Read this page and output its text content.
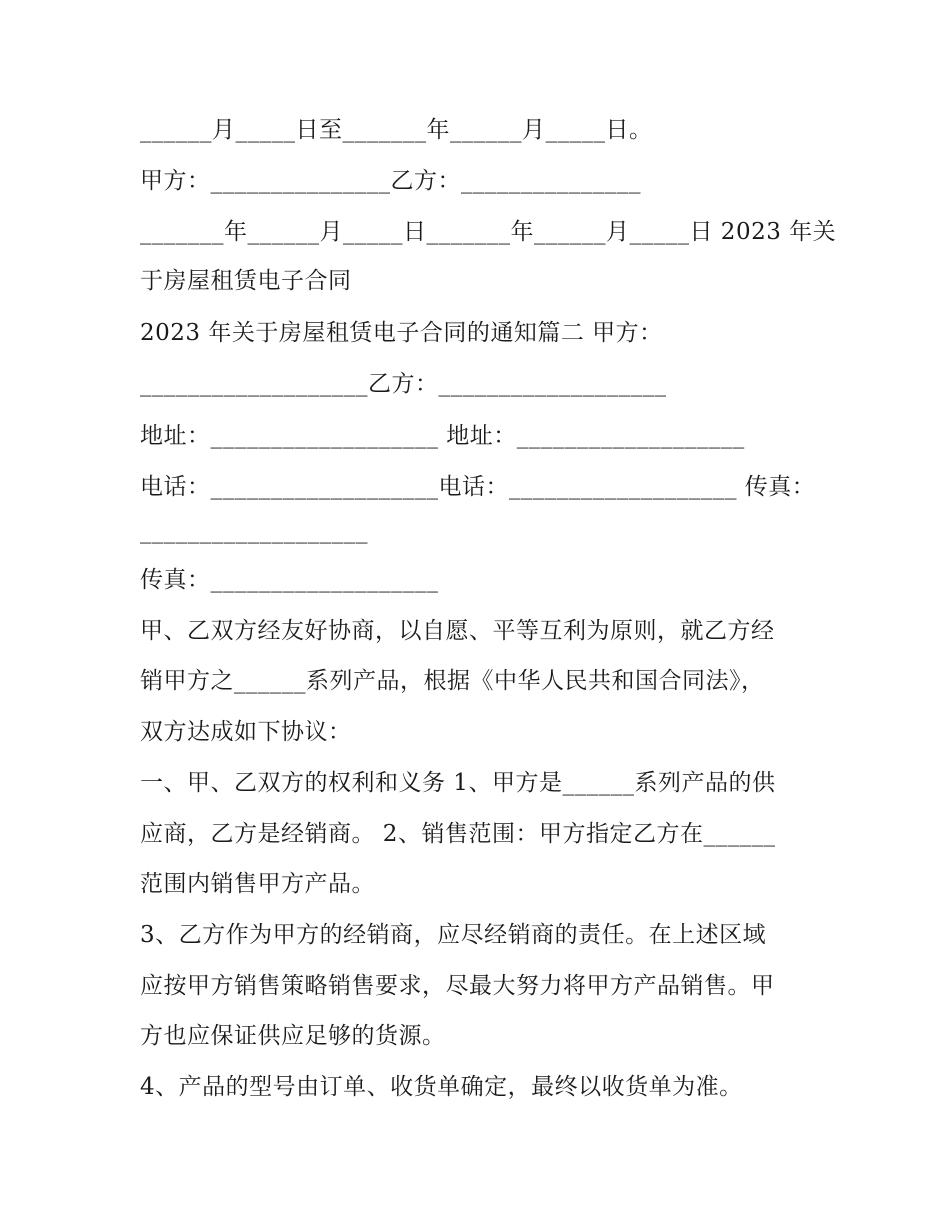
______月_____日至_______年______月_____日。
甲方：_______________乙方：_______________
_______年______月_____日_______年______月_____日 2023 年关
于房屋租赁电子合同
2023 年关于房屋租赁电子合同的通知篇二 甲方：
___________________乙方：___________________
地址：___________________ 地址：___________________
电话：___________________电话：___________________ 传真：
___________________
传真：___________________
甲、乙双方经友好协商，以自愿、平等互利为原则，就乙方经
销甲方之______系列产品，根据《中华人民共和国合同法》，
双方达成如下协议：
一、甲、乙双方的权利和义务 1、甲方是______系列产品的供
应商，乙方是经销商。 2、销售范围：甲方指定乙方在______
范围内销售甲方产品。
3、乙方作为甲方的经销商，应尽经销商的责任。在上述区域
应按甲方销售策略销售要求，尽最大努力将甲方产品销售。甲
方也应保证供应足够的货源。
4、产品的型号由订单、收货单确定，最终以收货单为准。
